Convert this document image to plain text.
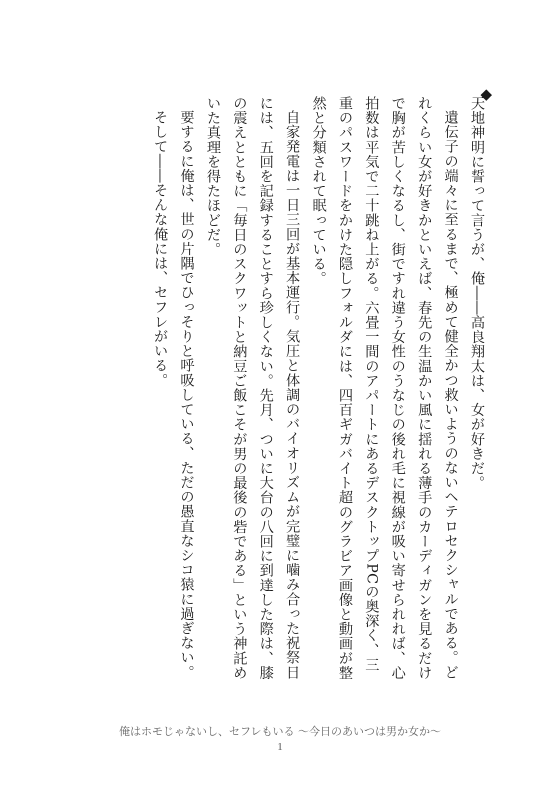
◆

天地神明に誓って言うが、俺――高良翔太は、女が好きだ。

遺伝子の端々に至るまで、極めて健全かつ救いようのないヘテロセクシャルである。どれくらい女が好きかといえば、春先の生温かい風に揺れる薄手のカーディガンを見るだけで胸が苦しくなるし、街ですれ違う女性のうなじの後れ毛に視線が吸い寄せられれば、心拍数は平気で二十跳ね上がる。六畳一間のアパートにあるデスクトップPCの奥深く、三重のパスワードをかけた隠しフォルダには、四百ギガバイト超のグラビア画像と動画が整然と分類されて眠っている。

自家発電は一日三回が基本運行。気圧と体調のバイオリズムが完璧に噛み合った祝祭日には、五回を記録することすら珍しくない。先月、ついに大台の八回に到達した際は、膝の震えとともに「毎日のスクワットと納豆ご飯こそが男の最後の砦である」という神託めいた真理を得たほどだ。

要するに俺は、世の片隅でひっそりと呼吸している、ただの愚直なシコ猿に過ぎない。

そして――そんな俺には、セフレがいる。

俺はホモじゃないし、セフレもいる 〜今日のあいつは男か女か〜
1
